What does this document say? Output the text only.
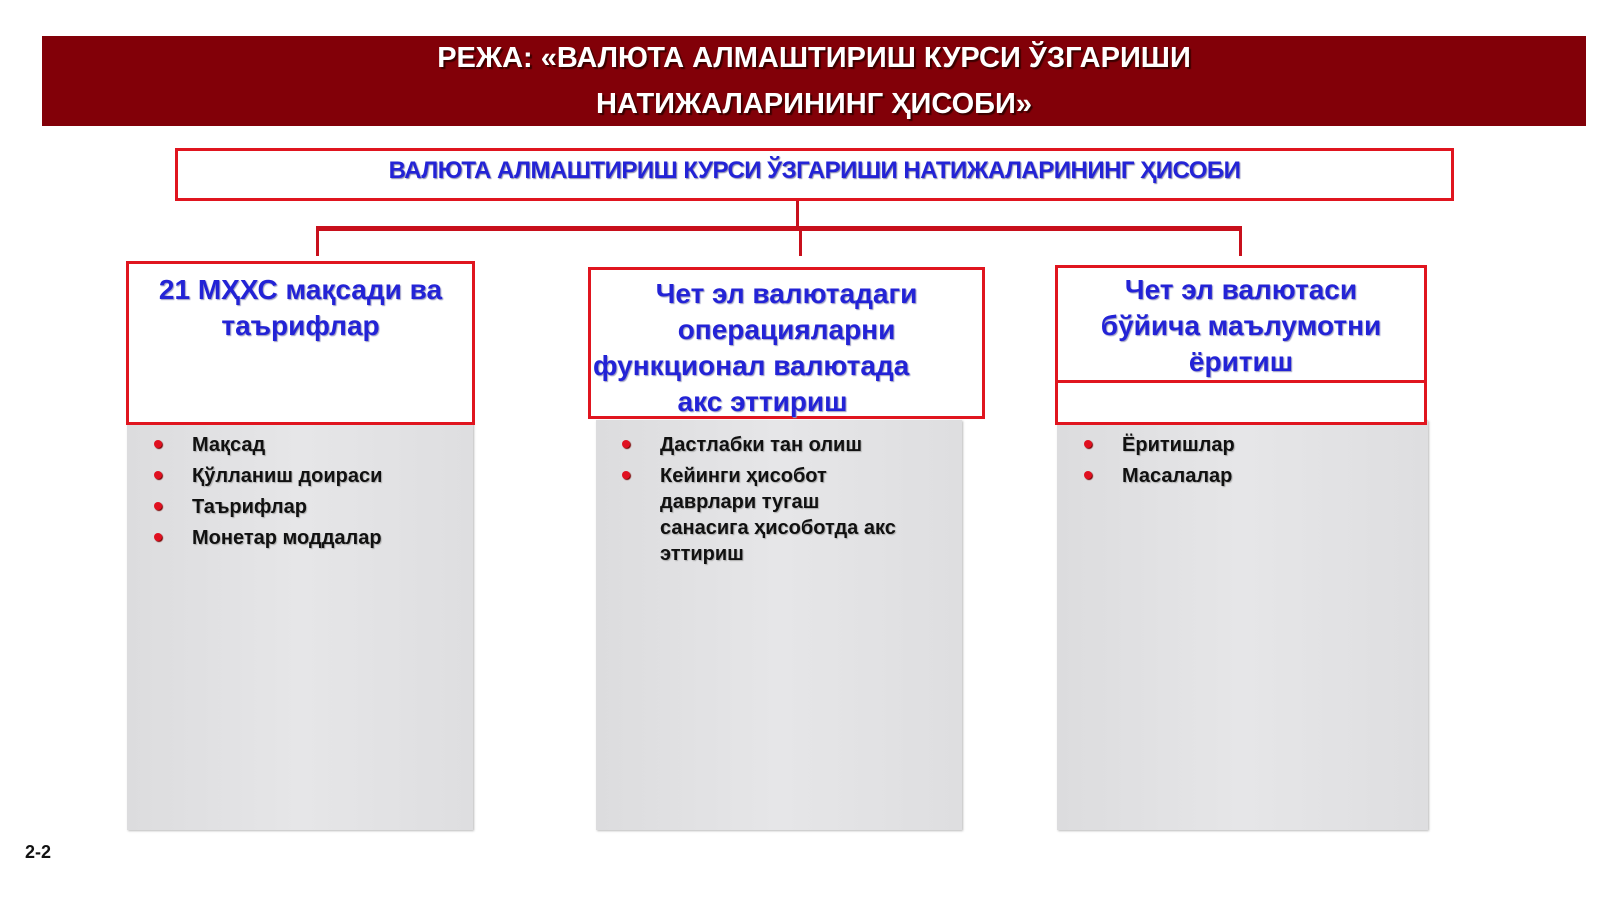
РЕЖА: «ВАЛЮТА АЛМАШТИРИШ КУРСИ ЎЗГАРИШИ
НАТИЖАЛАРИНИНГ ҲИСОБИ»
ВАЛЮТА АЛМАШТИРИШ КУРСИ ЎЗГАРИШИ НАТИЖАЛАРИНИНГ ҲИСОБИ
21 МҲХС мақсади ва
таърифлар
Чет эл валютадаги
операцияларни
функционал валютада
акс эттириш
Чет эл валютаси
бўйича маълумотни
ёритиш
Мақсад
Қўлланиш доираси
Таърифлар
Монетар моддалар
Дастлабки тан олиш
Кейинги ҳисобот
даврлари тугаш
санасига ҳисоботда акс
эттириш
Ёритишлар
Масалалар
2-2
